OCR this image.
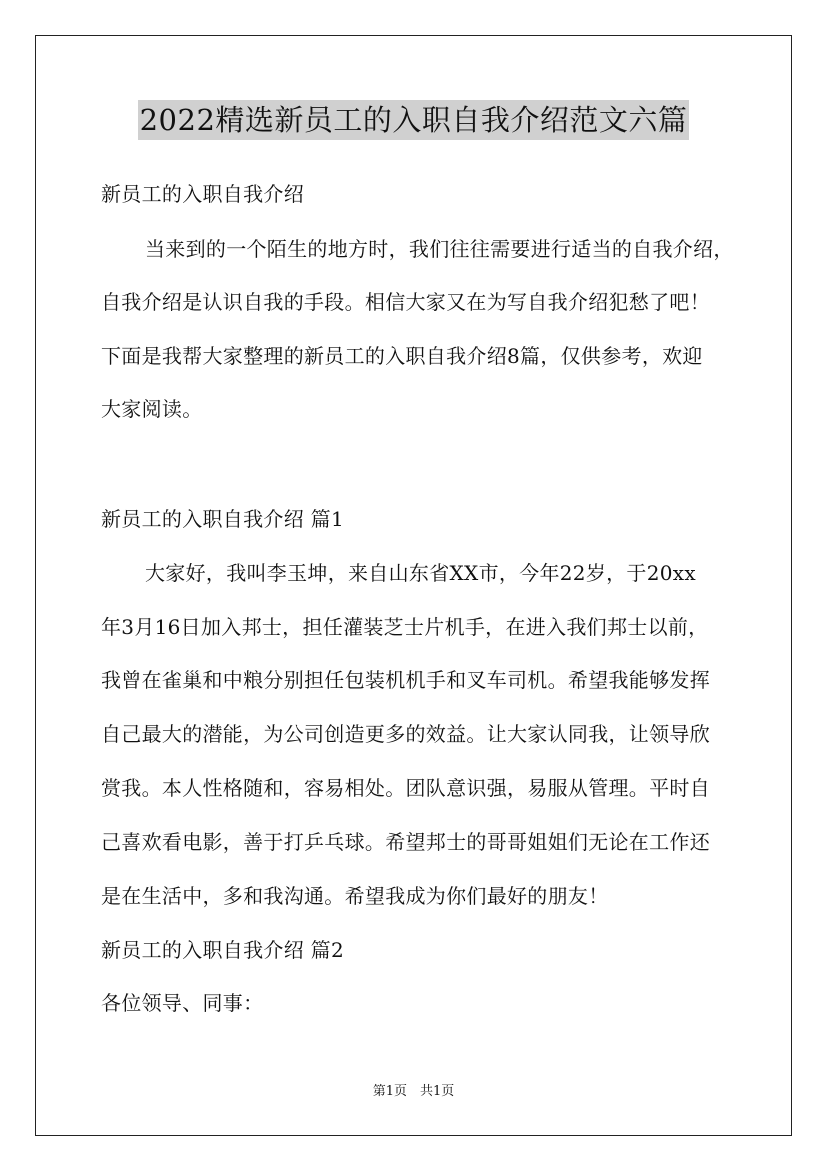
2022精选新员工的入职自我介绍范文六篇
新员工的入职自我介绍
当来到的一个陌生的地方时，我们往往需要进行适当的自我介绍，
自我介绍是认识自我的手段。相信大家又在为写自我介绍犯愁了吧！
下面是我帮大家整理的新员工的入职自我介绍8篇，仅供参考，欢迎
大家阅读。
新员工的入职自我介绍 篇1
大家好，我叫李玉坤，来自山东省XX市，今年22岁，于20xx
年3月16日加入邦士，担任灌装芝士片机手，在进入我们邦士以前，
我曾在雀巢和中粮分别担任包装机机手和叉车司机。希望我能够发挥
自己最大的潜能，为公司创造更多的效益。让大家认同我，让领导欣
赏我。本人性格随和，容易相处。团队意识强，易服从管理。平时自
己喜欢看电影，善于打乒乓球。希望邦士的哥哥姐姐们无论在工作还
是在生活中，多和我沟通。希望我成为你们最好的朋友！
新员工的入职自我介绍 篇2
各位领导、同事：
第1页　共1页
